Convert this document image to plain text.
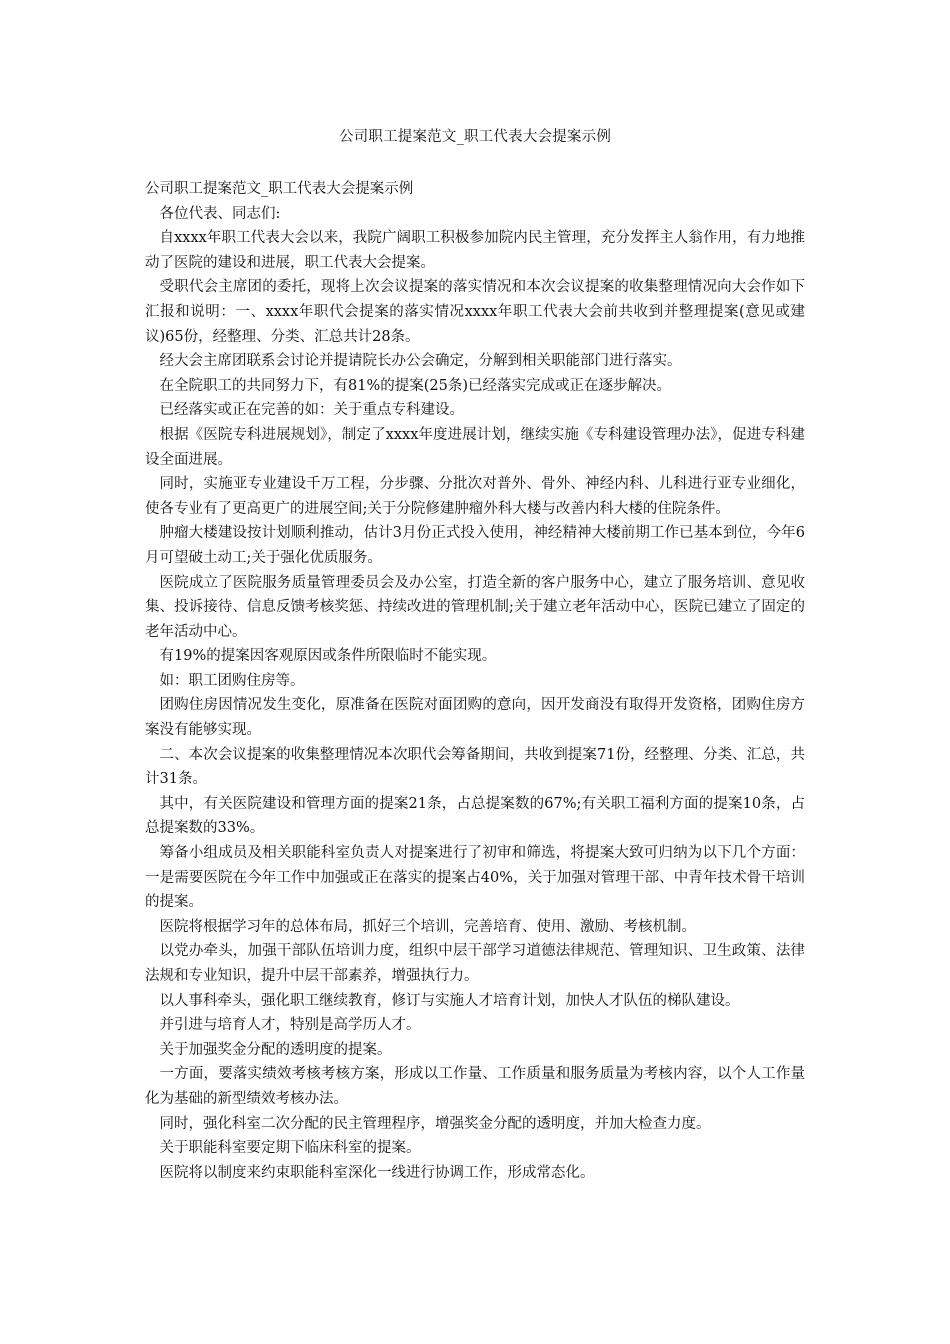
公司职工提案范文_职工代表大会提案示例

公司职工提案范文_职工代表大会提案示例

各位代表、同志们:

自xxxx年职工代表大会以来，我院广阔职工积极参加院内民主管理，充分发挥主人翁作用，有力地推动了医院的建设和进展，职工代表大会提案。

受职代会主席团的委托，现将上次会议提案的落实情况和本次会议提案的收集整理情况向大会作如下汇报和说明：一、xxxx年职代会提案的落实情况xxxx年职工代表大会前共收到并整理提案(意见或建议)65份，经整理、分类、汇总共计28条。

经大会主席团联系会讨论并提请院长办公会确定，分解到相关职能部门进行落实。

在全院职工的共同努力下，有81%的提案(25条)已经落实完成或正在逐步解决。

已经落实或正在完善的如：关于重点专科建设。

根据《医院专科进展规划》，制定了xxxx年度进展计划，继续实施《专科建设管理办法》，促进专科建设全面进展。

同时，实施亚专业建设千万工程，分步骤、分批次对普外、骨外、神经内科、儿科进行亚专业细化，使各专业有了更高更广的进展空间;关于分院修建肿瘤外科大楼与改善内科大楼的住院条件。

肿瘤大楼建设按计划顺利推动，估计3月份正式投入使用，神经精神大楼前期工作已基本到位，今年6月可望破土动工;关于强化优质服务。

医院成立了医院服务质量管理委员会及办公室，打造全新的客户服务中心，建立了服务培训、意见收集、投诉接待、信息反馈考核奖惩、持续改进的管理机制;关于建立老年活动中心，医院已建立了固定的老年活动中心。

有19%的提案因客观原因或条件所限临时不能实现。

如：职工团购住房等。

团购住房因情况发生变化，原准备在医院对面团购的意向，因开发商没有取得开发资格，团购住房方案没有能够实现。

二、本次会议提案的收集整理情况本次职代会筹备期间，共收到提案71份，经整理、分类、汇总，共计31条。

其中，有关医院建设和管理方面的提案21条，占总提案数的67%;有关职工福利方面的提案10条，占总提案数的33%。

筹备小组成员及相关职能科室负责人对提案进行了初审和筛选，将提案大致可归纳为以下几个方面：一是需要医院在今年工作中加强或正在落实的提案占40%，关于加强对管理干部、中青年技术骨干培训的提案。

医院将根据学习年的总体布局，抓好三个培训，完善培育、使用、激励、考核机制。

以党办牵头，加强干部队伍培训力度，组织中层干部学习道德法律规范、管理知识、卫生政策、法律法规和专业知识，提升中层干部素养，增强执行力。

以人事科牵头，强化职工继续教育，修订与实施人才培育计划，加快人才队伍的梯队建设。

并引进与培育人才，特别是高学历人才。

关于加强奖金分配的透明度的提案。

一方面，要落实绩效考核考核方案，形成以工作量、工作质量和服务质量为考核内容，以个人工作量化为基础的新型绩效考核办法。

同时，强化科室二次分配的民主管理程序，增强奖金分配的透明度，并加大检查力度。

关于职能科室要定期下临床科室的提案。

医院将以制度来约束职能科室深化一线进行协调工作，形成常态化。
